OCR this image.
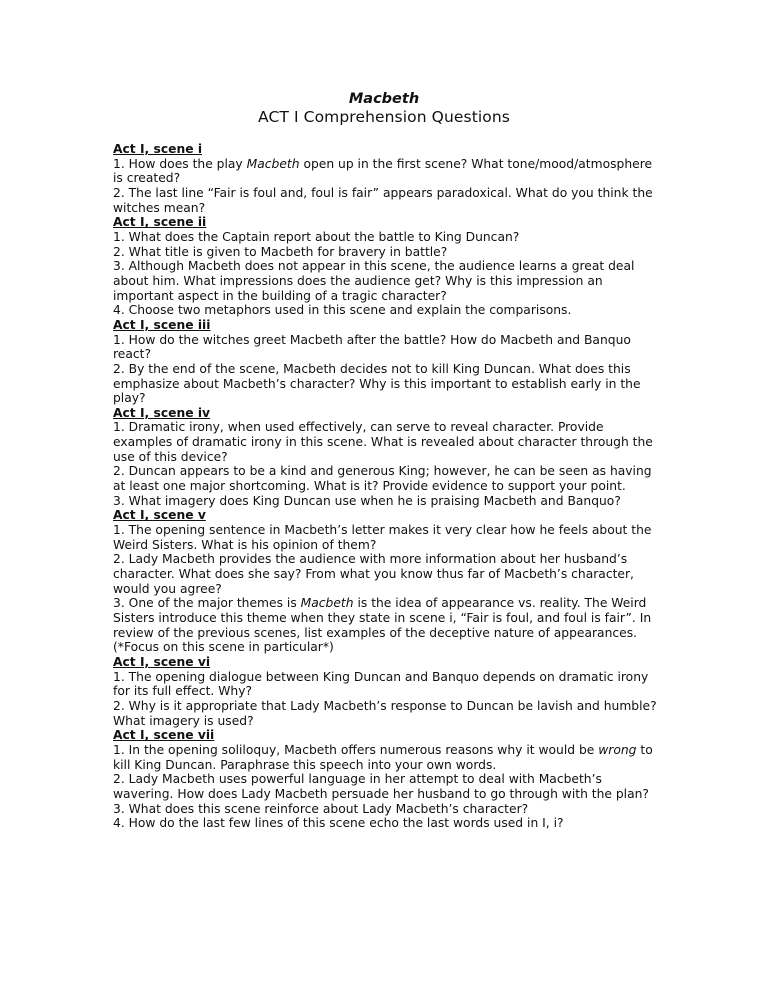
Macbeth
ACT I Comprehension Questions
Act I, scene i
1. How does the play Macbeth open up in the first scene? What tone/mood/atmosphere is created?
2. The last line “Fair is foul and, foul is fair” appears paradoxical. What do you think the witches mean?
Act I, scene ii
1. What does the Captain report about the battle to King Duncan?
2. What title is given to Macbeth for bravery in battle?
3. Although Macbeth does not appear in this scene, the audience learns a great deal about him. What impressions does the audience get? Why is this impression an important aspect in the building of a tragic character?
4. Choose two metaphors used in this scene and explain the comparisons.
Act I, scene iii
1. How do the witches greet Macbeth after the battle? How do Macbeth and Banquo react?
2. By the end of the scene, Macbeth decides not to kill King Duncan. What does this emphasize about Macbeth’s character? Why is this important to establish early in the play?
Act I, scene iv
1. Dramatic irony, when used effectively, can serve to reveal character. Provide examples of dramatic irony in this scene. What is revealed about character through the use of this device?
2. Duncan appears to be a kind and generous King; however, he can be seen as having at least one major shortcoming. What is it? Provide evidence to support your point.
3. What imagery does King Duncan use when he is praising Macbeth and Banquo?
Act I, scene v
1. The opening sentence in Macbeth’s letter makes it very clear how he feels about the Weird Sisters. What is his opinion of them?
2. Lady Macbeth provides the audience with more information about her husband’s character. What does she say? From what you know thus far of Macbeth’s character, would you agree?
3. One of the major themes is Macbeth is the idea of appearance vs. reality. The Weird Sisters introduce this theme when they state in scene i, “Fair is foul, and foul is fair”. In review of the previous scenes, list examples of the deceptive nature of appearances. (*Focus on this scene in particular*)
Act I, scene vi
1. The opening dialogue between King Duncan and Banquo depends on dramatic irony for its full effect. Why?
2. Why is it appropriate that Lady Macbeth’s response to Duncan be lavish and humble? What imagery is used?
Act I, scene vii
1. In the opening soliloquy, Macbeth offers numerous reasons why it would be wrong to kill King Duncan. Paraphrase this speech into your own words.
2. Lady Macbeth uses powerful language in her attempt to deal with Macbeth’s wavering. How does Lady Macbeth persuade her husband to go through with the plan?
3. What does this scene reinforce about Lady Macbeth’s character?
4. How do the last few lines of this scene echo the last words used in I, i?
